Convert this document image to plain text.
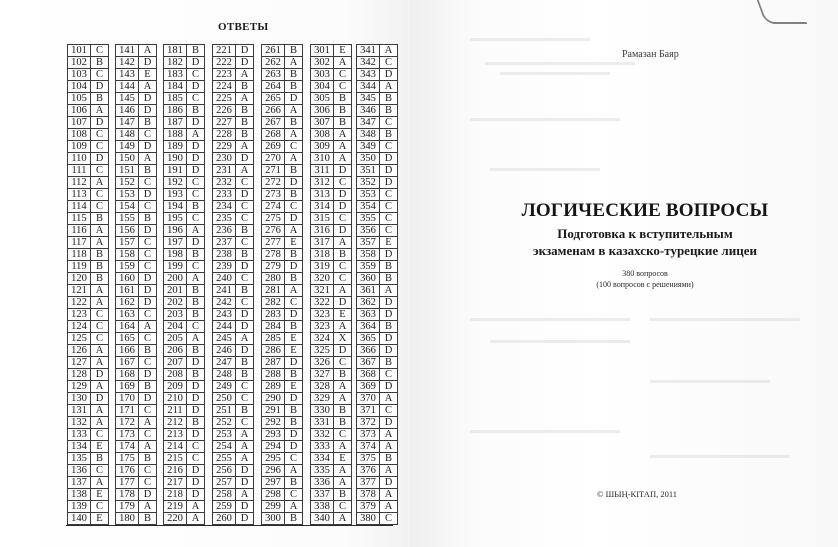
ОТВЕТЫ
101 C
102 B
103 C
104 D
105 B
106 A
107 D
108 C
109 C
110 D
111 C
112 A
113 C
114 C
115 B
116 A
117 A
118 B
119 B
120 B
121 A
122 A
123 C
124 C
125 C
126 A
127 A
128 D
129 A
130 D
131 A
132 A
133 C
134 E
135 B
136 C
137 A
138 E
139 C
140 E
141 A
142 D
143 E
144 A
145 D
146 D
147 B
148 C
149 D
150 A
151 B
152 C
153 D
154 C
155 B
156 D
157 C
158 C
159 C
160 D
161 D
162 D
163 C
164 A
165 C
166 B
167 C
168 D
169 B
170 D
171 C
172 A
173 C
174 A
175 B
176 C
177 C
178 D
179 A
180 B
181 B
182 D
183 C
184 D
185 C
186 B
187 D
188 A
189 D
190 D
191 D
192 C
193 C
194 B
195 C
196 A
197 D
198 B
199 C
200 A
201 B
202 B
203 B
204 C
205 A
206 B
207 D
208 B
209 D
210 D
211 D
212 B
213 D
214 C
215 C
216 D
217 D
218 D
219 A
220 A
221 D
222 D
223 A
224 B
225 A
226 B
227 B
228 B
229 A
230 D
231 A
232 C
233 D
234 C
235 C
236 B
237 C
238 B
239 D
240 C
241 B
242 C
243 D
244 D
245 A
246 D
247 B
248 B
249 C
250 C
251 B
252 C
253 A
254 A
255 A
256 D
257 D
258 A
259 D
260 D
261 B
262 A
263 B
264 B
265 D
266 A
267 B
268 A
269 C
270 A
271 B
272 D
273 B
274 C
275 D
276 A
277 E
278 B
279 D
280 B
281 A
282 C
283 D
284 B
285 E
286 E
287 D
288 B
289 E
290 D
291 B
292 B
293 D
294 D
295 C
296 A
297 B
298 C
299 A
300 B
301 E
302 A
303 C
304 C
305 B
306 B
307 B
308 A
309 A
310 A
311 D
312 C
313 D
314 D
315 C
316 D
317 A
318 B
319 C
320 C
321 A
322 D
323 E
323 A
324 X
325 D
326 C
327 B
328 A
329 A
330 B
331 B
332 C
333 A
334 E
335 A
336 A
337 B
338 C
340 A
341 A
342 C
343 D
344 A
345 B
346 B
347 C
348 B
349 C
350 D
351 D
352 D
353 C
354 C
355 C
356 C
357 E
358 D
359 B
360 B
361 A
362 D
363 D
364 B
365 D
366 D
367 B
368 C
369 D
370 A
371 C
372 D
373 A
374 A
375 B
376 A
377 D
378 A
379 A
380 C
Рамазан Баяр
ЛОГИЧЕСКИЕ ВОПРОСЫ
Подготовка к вступительным
экзаменам в казахско-турецкие лицеи
380 вопросов
(100 вопросов с решениями)
© ШЫҢ-КІТАП, 2011
